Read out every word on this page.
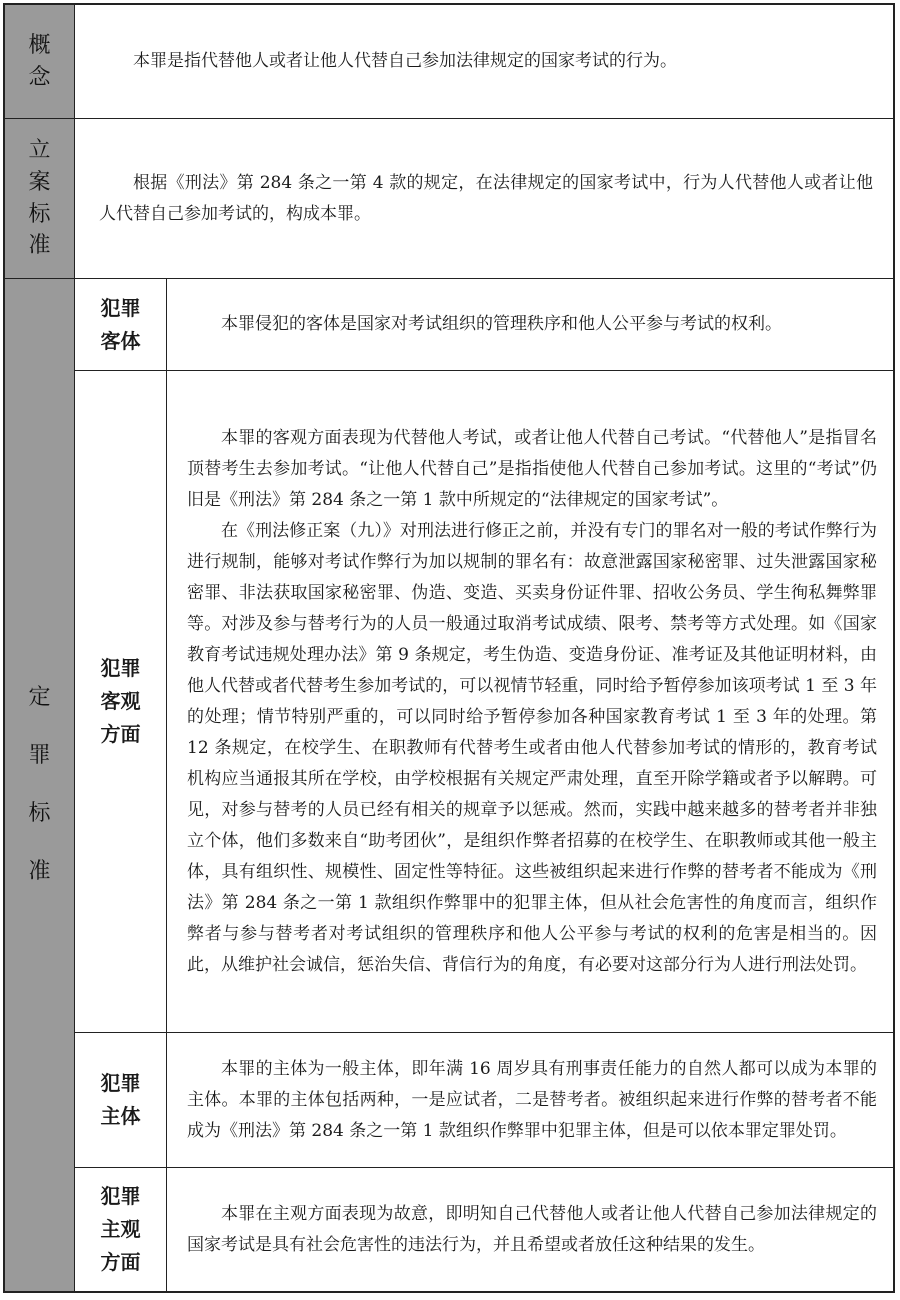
概
念

本罪是指代替他人或者让他人代替自己参加法律规定的国家考试的行为。

立
案
标
准

根据《刑法》第 284 条之一第 4 款的规定，在法律规定的国家考试中，行为人代替他人或者让他人代替自己参加考试的，构成本罪。

定
罪
标
准
犯罪
客体

本罪侵犯的客体是国家对考试组织的管理秩序和他人公平参与考试的权利。

犯罪
客观
方面

本罪的客观方面表现为代替他人考试，或者让他人代替自己考试。“代替他人”是指冒名顶替考生去参加考试。“让他人代替自己”是指指使他人代替自己参加考试。这里的“考试”仍旧是《刑法》第 284 条之一第 1 款中所规定的“法律规定的国家考试”。

在《刑法修正案（九）》对刑法进行修正之前，并没有专门的罪名对一般的考试作弊行为进行规制，能够对考试作弊行为加以规制的罪名有：故意泄露国家秘密罪、过失泄露国家秘密罪、非法获取国家秘密罪、伪造、变造、买卖身份证件罪、招收公务员、学生徇私舞弊罪等。对涉及参与替考行为的人员一般通过取消考试成绩、限考、禁考等方式处理。如《国家教育考试违规处理办法》第 9 条规定，考生伪造、变造身份证、准考证及其他证明材料，由他人代替或者代替考生参加考试的，可以视情节轻重，同时给予暂停参加该项考试 1 至 3 年的处理；情节特别严重的，可以同时给予暂停参加各种国家教育考试 1 至 3 年的处理。第 12 条规定，在校学生、在职教师有代替考生或者由他人代替参加考试的情形的，教育考试机构应当通报其所在学校，由学校根据有关规定严肃处理，直至开除学籍或者予以解聘。可见，对参与替考的人员已经有相关的规章予以惩戒。然而，实践中越来越多的替考者并非独立个体，他们多数来自“助考团伙”，是组织作弊者招募的在校学生、在职教师或其他一般主体，具有组织性、规模性、固定性等特征。这些被组织起来进行作弊的替考者不能成为《刑法》第 284 条之一第 1 款组织作弊罪中的犯罪主体，但从社会危害性的角度而言，组织作弊者与参与替考者对考试组织的管理秩序和他人公平参与考试的权利的危害是相当的。因此，从维护社会诚信，惩治失信、背信行为的角度，有必要对这部分行为人进行刑法处罚。

犯罪
主体

本罪的主体为一般主体，即年满 16 周岁具有刑事责任能力的自然人都可以成为本罪的主体。本罪的主体包括两种，一是应试者，二是替考者。被组织起来进行作弊的替考者不能成为《刑法》第 284 条之一第 1 款组织作弊罪中犯罪主体，但是可以依本罪定罪处罚。

犯罪
主观
方面

本罪在主观方面表现为故意，即明知自己代替他人或者让他人代替自己参加法律规定的国家考试是具有社会危害性的违法行为，并且希望或者放任这种结果的发生。
